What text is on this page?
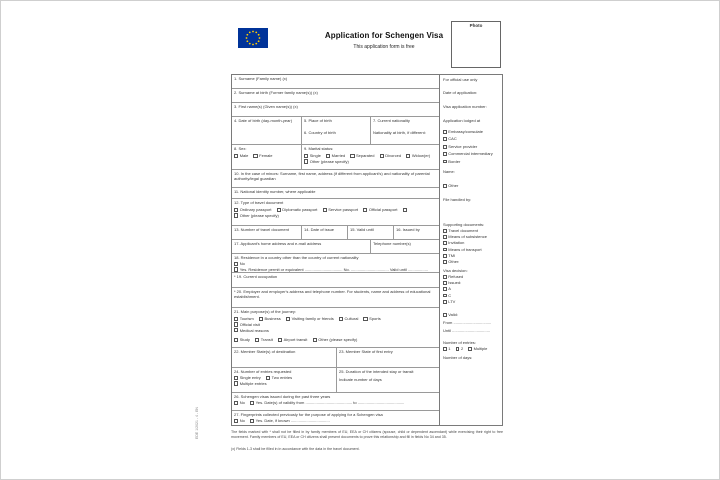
Application for Schengen Visa
This application form is free
Photo
1. Surname (Family name) (x)
2. Surname at birth (Former family name(s)) (x)
3. First name(s) (Given name(s)) (x)
4. Date of birth (day-month-year)	5. Place of birth
6. Country of birth
7. Current nationality
Nationality at birth, if different:
8. Sex:
Male	Female
9. Marital status:
Single	Married	Separated	Divorced	Widow(er)
Other (please specify)
10. In the case of minors: Surname, first name, address (if different from applicant's) and nationality of parental authority/legal guardian
11. National identity number, where applicable
12. Type of travel document
Ordinary passport	Diplomatic passport	Service passport	Official passport
Other (please specify)
13. Number of travel document	14. Date of issue	15. Valid until	16. Issued by
17. Applicant's home address and e-mail address	Telephone number(s)
18. Residence in a country other than the country of current nationality
No
Yes. Residence permit or equivalent .................................. No. .................................. Valid until ..................
* 19. Current occupation
* 20. Employer and employer's address and telephone number. For students, name and address of educational establishment.
21. Main purpose(s) of the journey:
Tourism	Business	Visiting family or friends	Cultural	Sports
Official visit
Medical reasons
Study	Transit	Airport transit	Other (please specify)
22. Member State(s) of destination	23. Member State of first entry
24. Number of entries requested
Single entry	Two entries
Multiple entries
25. Duration of the intended stay or transit
Indicate number of days
26. Schengen visas issued during the past three years
No	Yes. Date(s) of validity from .......................................... to ..........................................
27. Fingerprints collected previously for the purpose of applying for a Schengen visa
No	Yes. Date, if known ...................................
For official use only
Date of application:
Visa application number:
Application lodged at
Embassy/consulate
CAC
Service provider
Commercial intermediary
Border
Name:
Other
File handled by:
Supporting documents:
Travel document
Means of subsistence
Invitation
Means of transport
TMI
Other:
Visa decision:
Refused
Issued:
A
C
LTV
Valid:
From ..................................
Until ..................................
Number of entries:
1	2	Multiple
Number of days:
The fields marked with * shall not be filled in by family members of EU, EEA or CH citizens (spouse, child or dependent ascendant) while exercising their right to free movement. Family members of EU, EEA or CH citizens shall present documents to prove this relationship and fill in fields No 34 and 35.
(x) Fields 1-3 shall be filled in in accordance with the data in the travel document.
EDE 1/2021 - 4 - EN
